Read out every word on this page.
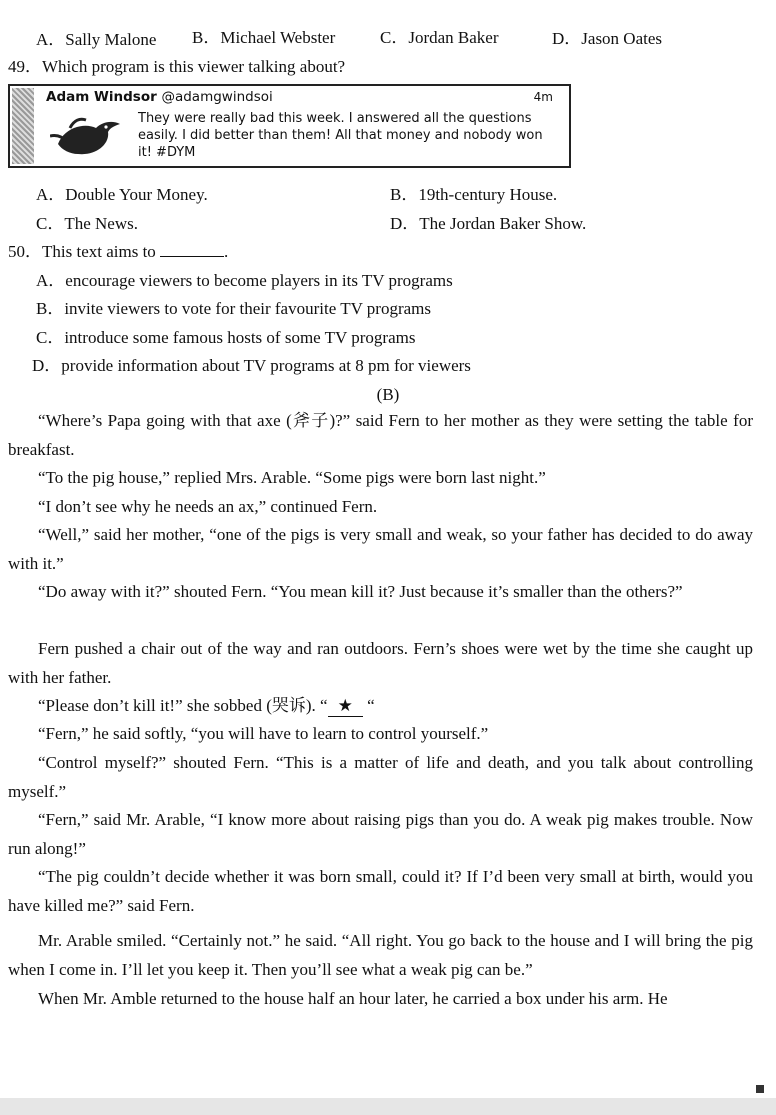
A．Sally Malone B．Michael Webster	C．Jordan Baker	D．Jason Oates
49．Which program is this viewer talking about?
Adam Windsor @adamgwindsoi	4m
They were really bad this week. I answered all the questions easily. I did better than them! All that money and nobody won it! #DYM
A．Double Your Money.	B．19th-century House.
C．The News.	D．The Jordan Baker Show.
50．This text aims to	.
A．encourage viewers to become players in its TV programs
B．invite viewers to vote for their favourite TV programs
C．introduce some famous hosts of some TV programs
D．provide information about TV programs at 8 pm for viewers
(B)
“Where’s Papa going with that axe (斧子)?” said Fern to her mother as they were setting the table for breakfast.
“To the pig house,” replied Mrs. Arable. “Some pigs were born last night.”
“I don’t see why he needs an ax,” continued Fern.
“Well,” said her mother, “one of the pigs is very small and weak, so your father has decided to do away with it.”
“Do away with it?” shouted Fern. “You mean kill it? Just because it’s smaller than the others?”
Fern pushed a chair out of the way and ran outdoors. Fern’s shoes were wet by the time she caught up with her father.
“Please don’t kill it!” she sobbed (哭诉). “ ★ “
“Fern,” he said softly, “you will have to learn to control yourself.”
“Control myself?” shouted Fern. “This is a matter of life and death, and you talk about controlling myself.”
“Fern,” said Mr. Arable, “I know more about raising pigs than you do. A weak pig makes trouble. Now run along!”
“The pig couldn’t decide whether it was born small, could it? If I’d been very small at birth, would you have killed me?” said Fern.
Mr. Arable smiled. “Certainly not.” he said. “All right. You go back to the house and I will bring the pig when I come in. I’ll let you keep it. Then you’ll see what a weak pig can be.”
When Mr. Amble returned to the house half an hour later, he carried a box under his arm. He
